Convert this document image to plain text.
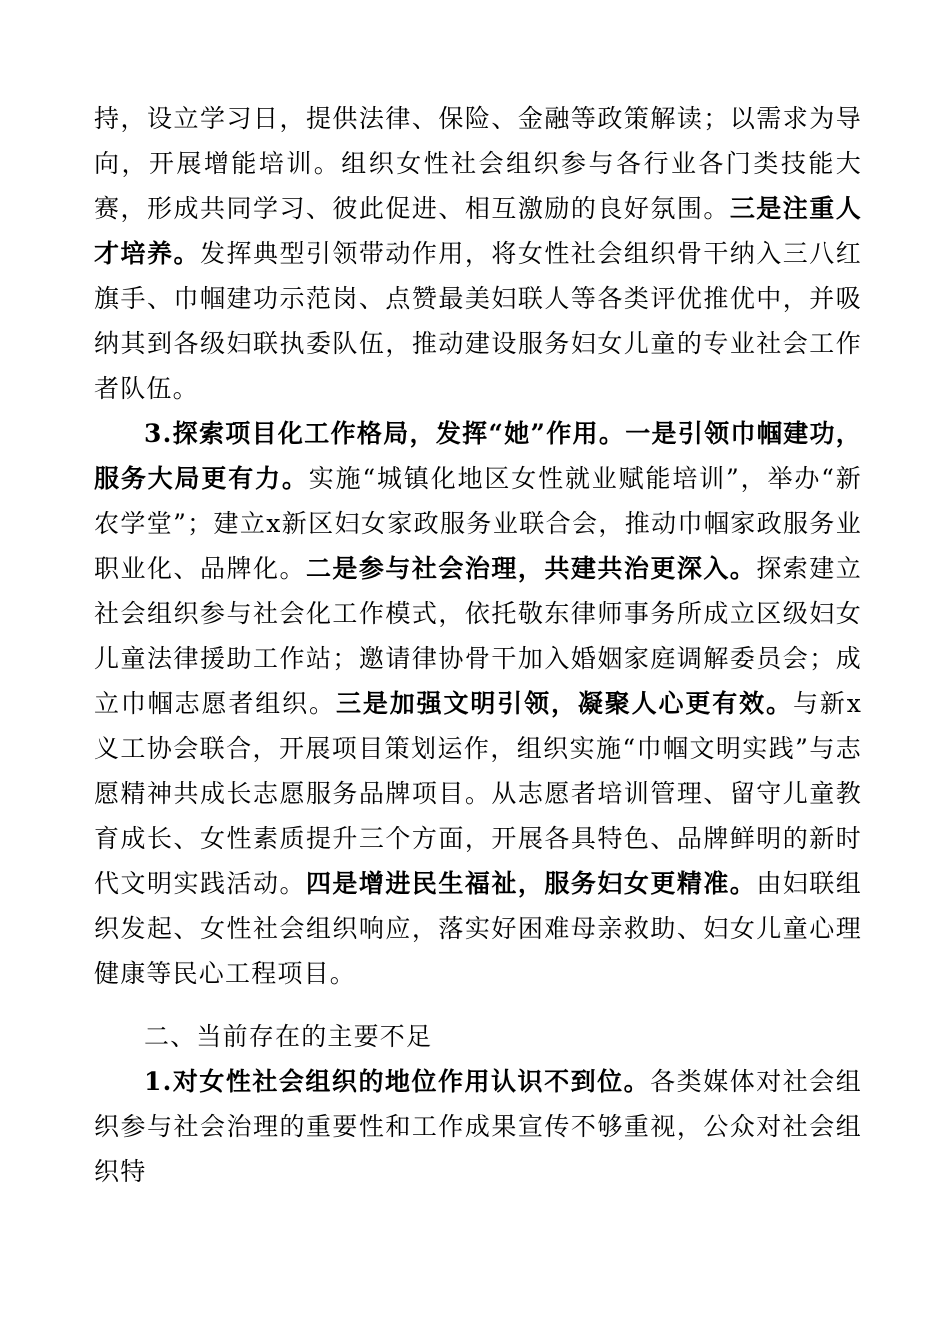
持，设立学习日，提供法律、保险、金融等政策解读；以需求为导向，开展增能培训。组织女性社会组织参与各行业各门类技能大赛，形成共同学习、彼此促进、相互激励的良好氛围。三是注重人才培养。发挥典型引领带动作用，将女性社会组织骨干纳入三八红旗手、巾帼建功示范岗、点赞最美妇联人等各类评优推优中，并吸纳其到各级妇联执委队伍，推动建设服务妇女儿童的专业社会工作者队伍。

3.探索项目化工作格局，发挥“她”作用。一是引领巾帼建功，服务大局更有力。实施“城镇化地区女性就业赋能培训”，举办“新农学堂”；建立x新区妇女家政服务业联合会，推动巾帼家政服务业职业化、品牌化。二是参与社会治理，共建共治更深入。探索建立社会组织参与社会化工作模式，依托敬东律师事务所成立区级妇女儿童法律援助工作站；邀请律协骨干加入婚姻家庭调解委员会；成立巾帼志愿者组织。三是加强文明引领，凝聚人心更有效。与新x义工协会联合，开展项目策划运作，组织实施“巾帼文明实践”与志愿精神共成长志愿服务品牌项目。从志愿者培训管理、留守儿童教育成长、女性素质提升三个方面，开展各具特色、品牌鲜明的新时代文明实践活动。四是增进民生福祉，服务妇女更精准。由妇联组织发起、女性社会组织响应，落实好困难母亲救助、妇女儿童心理健康等民心工程项目。

二、当前存在的主要不足

1.对女性社会组织的地位作用认识不到位。各类媒体对社会组织参与社会治理的重要性和工作成果宣传不够重视，公众对社会组织特
